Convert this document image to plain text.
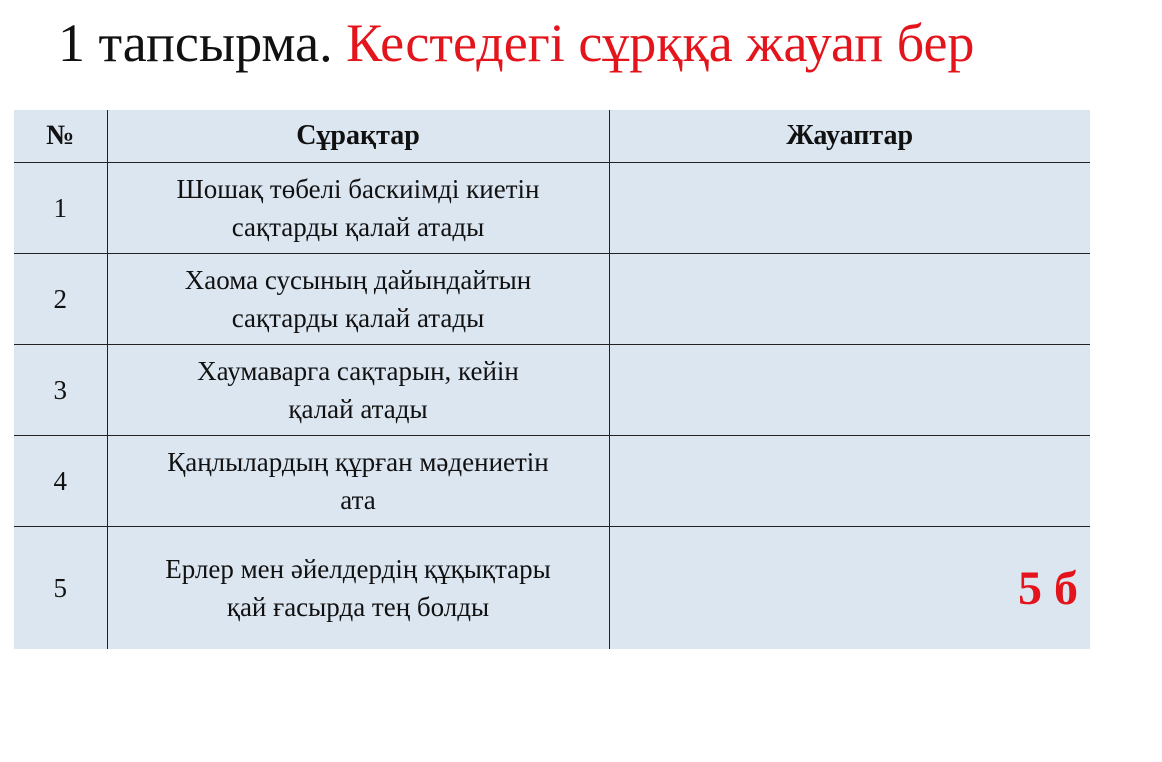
1 тапсырма. Кестедегі сұрққа жауап бер
№	Сұрақтар	Жауаптар
1	Шошақ төбелі баскиімді киетін
сақтарды қалай атады	
2	Хаома сусының дайындайтын
сақтарды қалай атады	
3	Хаумаварга сақтарын, кейін
қалай атады	
4	Қаңлылардың құрған мәдениетін
ата	
5	Ерлер мен әйелдердің құқықтары
қай ғасырда тең болды	5 б
